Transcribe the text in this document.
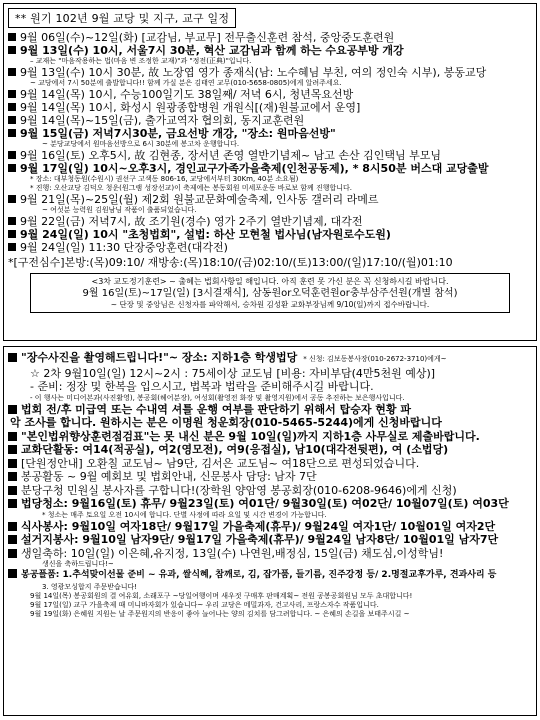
** 원기 102년 9월 교당 및 지구, 교구 일정
9월 06일(수)~12일(화) [교감님, 부교무] 전무출신훈련 참석, 중앙중도훈련원
9월 13일(수) 10시, 서울7시 30분, 혁산 교감님과 함께 하는 수요공부방 개강
– 교재는 "마음작용하는 법(마음 변 조정한 교재)"과 "정전(正典)"입니다.
9월 13일(수) 10시 30분, 故 노장엽 영가 종재식(남: 노수혜님 부친, 여의 정인숙 시부), 봉동교당
~ 교당에서 7시 50분에 출발합니다!! 함께 가실 분은 김태연 교무(010-5658-0805)에게 알려주세요.
9월 14일(목) 10시, 수능100일기도 38일째/ 저녁 6시, 청년목요선방
9월 14일(목) 10시, 화성시 원광종합병원 개원식[(재)원불교에서 운영]
9월 14일(목)~15일(금), 출가교역자 협의회, 동지교훈련원
9월 15일(금) 저녁7시30분, 금요선방 개강, "장소: 원마음선방"
~ 분당교당에서 원마음선방으로 6시 30분에 봉고차 운행합니다.
9월 16일(토) 오후5시, 故 김현종, 장서년 존영 열반기념제~ 남고 손산 김인택님 부모님
9월 17일(일) 10시~오후3시, 경인교구가족가을축제(인천공동제), * 8시50분 버스대 교당출발
* 장소: 대부청동원(수원시) 권선구 고색동 806-16, 교당에서부터 30Km, 40분 소요됨)
* 진행: 오산교당 김덕오 청운(원그램 성장선교)이 축제에는 봉동회원 미세포운동 바로보 함께 진행합니다.
9월 21일(목)~25일(월) 제2회 원불교문화예술축제, 인사동 갤러리 라메르
~ 여섯분 능력원 김원남님 작품이 출품되었습니다.
9월 22일(금) 저녁7시, 故 조기원(경수) 영가 2주기 열반기념제, 대각전
9월 24일(일) 10시 "초청법회", 설법: 하산 모현철 법사님(남자원로수도원)
9월 24일(일) 11:30 단장중앙훈련(대각전)
*[구전심수]본방:(목)09:10/ 재방송:(목)18:10/(금)02:10/(토)13:00/(일)17:10/(월)01:10
<3차 교도정기훈련> ~ 출혜는 법회사항일 해입니다. 아직 훈련 못 가신 분은 꼭 신청하시길 바랍니다.
9월 16일(토)~17일(일) [3시결재식], 삼동원or오덕훈련원or충부삼주선원(개별 참석)
~ 단장 및 중앙님은 신청자를 파악해서, 승차원 김성환 교화부장님께 9/10(일)까지 접수바랍니다.
"장수사진을 촬영해드립니다!"~ 장소: 지하1층 학생법당 * 신청: 김보동봉사장(010-2672-3710)에게~
☆ 2차 9월10일(일) 12시~2시 : 75세이상 교도님 [비용: 자비부담(4만5천원 예상)]
- 준비: 정장 및 한복을 입으시고, 법복과 법락을 준비해주시길 바랍니다.
- 이 행사는 미디어본과(사진활영), 봉공회(헤어분장), 여성회(촬영전 화장 및 촬영지원)에서 공동 추진하는 보은행사입니다.
법회 전/후 미급역 또는 수내역 셔틀 운행 여부를 판단하기 위해서 탑승자 현황 파
악 조사를 합니다. 원하시는 분은 이명원 청운회장(010-5465-5244)에게 신청바랍니다
"본인법위향상훈련점검표"는 못 내신 분은 9월 10일(일)까지 지하1층 사무실로 제출바랍니다.
교화단활동: 여14(적공실), 여2(영모전), 여9(응접실), 남10(대각전뒷편), 여 (소법당)
[단원정안내] 오환칠 교도님~ 남9단, 김서은 교도님~ 여18단으로 편성되었습니다.
봉공활동 ~ 9월 예회보 및 법회안내, 신문봉사 담당: 남자 7단
분당구청 민원실 봉사자를 구합니다!(장학원 양암영 봉공회장(010-6208-9646)에게 신청)
법당청소: 9월16일(토) 휴무/ 9월23일(토) 여01단/ 9월30일(토) 여02단/ 10월07일(토) 여03단
* 청소는 매주 토요일 오전 10시에 합니다. 단별 사정에 따라 요일 및 시간 변경이 가능합니다.
식사봉사: 9월10일 여자18단/ 9월17일 가을축제(휴무)/ 9월24일 여자1단/ 10월01일 여자2단
설거지봉사: 9월10일 남자9단/ 9월17일 가을축제(휴무)/ 9월24일 남자8단/ 10월01일 남자7단
생일축하: 10일(일) 이은혜,유지정, 13일(수) 나연원,배정심, 15일(금) 채도심,이성학님!
생신을 축하드립니다!~
봉공플품: 1.추석맞이선물 준비 ~ 유과, 쌀식혜, 참깨로, 김, 잡가품, 들기름, 진주강정 등/ 2.명절교후가루, 견과사리 등
3. 영광모싱합지 주문받습니다!
9월 14일(목) 봉공회원의 결 여유회, 소래포구 ~당일여행이며 새우젓 구매후 판매계획~ 전원 공봉공회원님 모두 초대합니다!
9월 17일(일) 교구 가을축제 때 미니바자회가 있습니다~ 우리 교당은 메밀과자, 건고사리, 프랑스자수 작품입니다.
9월 19일(화) 은혜원 지원는 날 주문원지의 반응이 좋아 늘어나는 양의 김치를 담그려합니다. ~ 은혜의 손길을 보태주시길 ~
